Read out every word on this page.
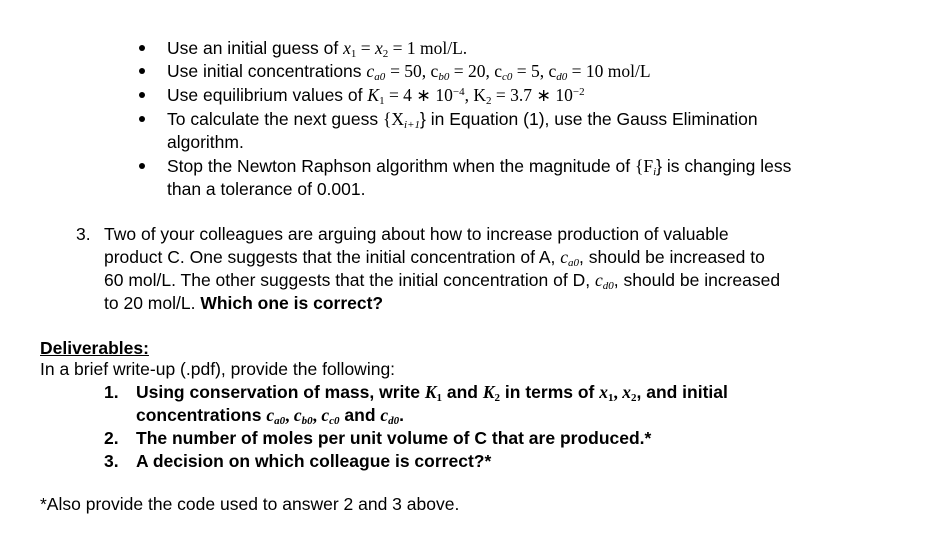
Use an initial guess of $x_1 = x_2 = 1$ mol/L.
Use initial concentrations $c_{a0} = 50$, $c_{b0} = 20$, $c_{c0} = 5$, $c_{d0} = 10$ mol/L
Use equilibrium values of $K_1 = 4$ ∗ $10^{-4}$, $K_2 = 3.7$ ∗ $10^{-2}$
To calculate the next guess $\{X_{i+1}\}$ in Equation (1), use the Gauss Elimination
algorithm.
Stop the Newton Raphson algorithm when the magnitude of $\{F_i\}$ is changing less
than a tolerance of 0.001.
3. Two of your colleagues are arguing about how to increase production of valuable
product C. One suggests that the initial concentration of A, $c_{a0}$, should be increased to
60 mol/L. The other suggests that the initial concentration of D, $c_{d0}$, should be increased
to 20 mol/L. Which one is correct?
Deliverables:
In a brief write-up (.pdf), provide the following:
1. Using conservation of mass, write $K_1$ and $K_2$ in terms of $x_1$, $x_2$, and initial
concentrations $c_{a0}$, $c_{b0}$, $c_{c0}$ and $c_{d0}$.
2. The number of moles per unit volume of C that are produced.*
3. A decision on which colleague is correct?*
*Also provide the code used to answer 2 and 3 above.
